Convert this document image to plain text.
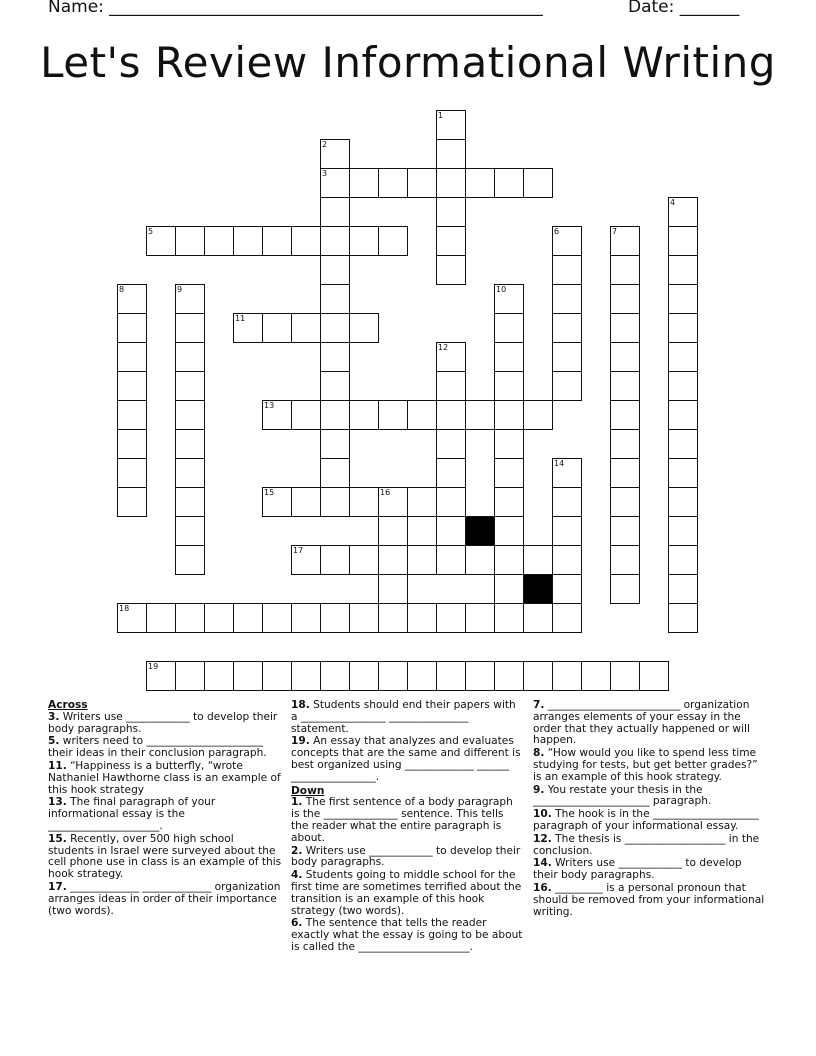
Name: ___________________________________________________	Date: _______
Let's Review Informational Writing
3
5
11
13
15	16
17
18
19
1
2
4
6	7
8	9	10
12
14
Across
3. Writers use ____________ to develop their body paragraphs.
5. writers need to ______________________ their ideas in their conclusion paragraph.
11. “Happiness is a butterfly, “wrote Nathaniel Hawthorne class is an example of this hook strategy
13. The final paragraph of your informational essay is the _____________________.
15. Recently, over 500 high school students in Israel were surveyed about the cell phone use in class is an example of this hook strategy.
17. _____________ _____________ organization arranges ideas in order of their importance (two words).
18. Students should end their papers with a ________________ _______________ statement.
19. An essay that analyzes and evaluates concepts that are the same and different is best organized using _____________ ______ ________________.
Down
1. The first sentence of a body paragraph is the ______________ sentence. This tells the reader what the entire paragraph is about.
2. Writers use ____________ to develop their body paragraphs.
4. Students going to middle school for the first time are sometimes terrified about the transition is an example of this hook strategy (two words).
6. The sentence that tells the reader exactly what the essay is going to be about is called the _____________________.
7. _________________________ organization arranges elements of your essay in the order that they actually happened or will happen.
8. “How would you like to spend less time studying for tests, but get better grades?” is an example of this hook strategy.
9. You restate your thesis in the ______________________ paragraph.
10. The hook is in the ____________________ paragraph of your informational essay.
12. The thesis is ___________________ in the conclusion.
14. Writers use ____________ to develop their body paragraphs.
16. _________ is a personal pronoun that should be removed from your informational writing.
